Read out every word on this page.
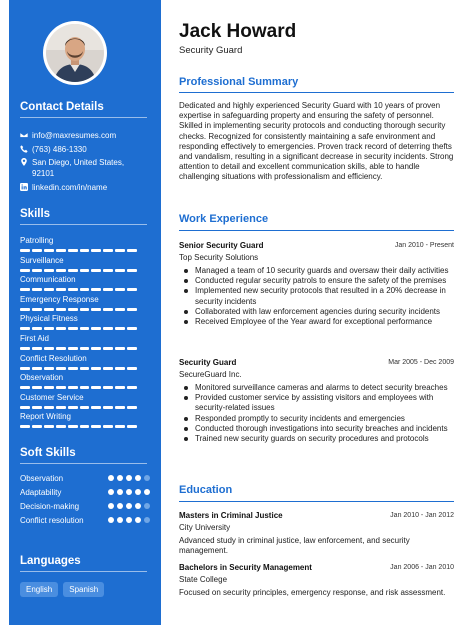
Contact Details
info@maxresumes.com
(763) 486-1330
San Diego, United States, 92101
linkedin.com/in/name
Skills
Patrolling
Surveillance
Communication
Emergency Response
Physical Fitness
First Aid
Conflict Resolution
Observation
Customer Service
Report Writing
Soft Skills
Observation
Adaptability
Decision-making
Conflict resolution
Languages
English	Spanish
Jack Howard
Security Guard
Professional Summary
Dedicated and highly experienced Security Guard with 10 years of proven expertise in safeguarding property and ensuring the safety of personnel. Skilled in implementing security protocols and conducting thorough security checks. Recognized for consistently maintaining a safe environment and responding effectively to emergencies. Proven track record of deterring thefts and vandalism, resulting in a significant decrease in security incidents. Strong attention to detail and excellent communication skills, able to handle challenging situations with professionalism and efficiency.
Work Experience
Senior Security Guard	Jan 2010 - Present
Top Security Solutions
Managed a team of 10 security guards and oversaw their daily activities
Conducted regular security patrols to ensure the safety of the premises
Implemented new security protocols that resulted in a 20% decrease in security incidents
Collaborated with law enforcement agencies during security incidents
Received Employee of the Year award for exceptional performance
Security Guard	Mar 2005 - Dec 2009
SecureGuard Inc.
Monitored surveillance cameras and alarms to detect security breaches
Provided customer service by assisting visitors and employees with security-related issues
Responded promptly to security incidents and emergencies
Conducted thorough investigations into security breaches and incidents
Trained new security guards on security procedures and protocols
Education
Masters in Criminal Justice	Jan 2010 - Jan 2012
City University
Advanced study in criminal justice, law enforcement, and security management.
Bachelors in Security Management	Jan 2006 - Jan 2010
State College
Focused on security principles, emergency response, and risk assessment.
